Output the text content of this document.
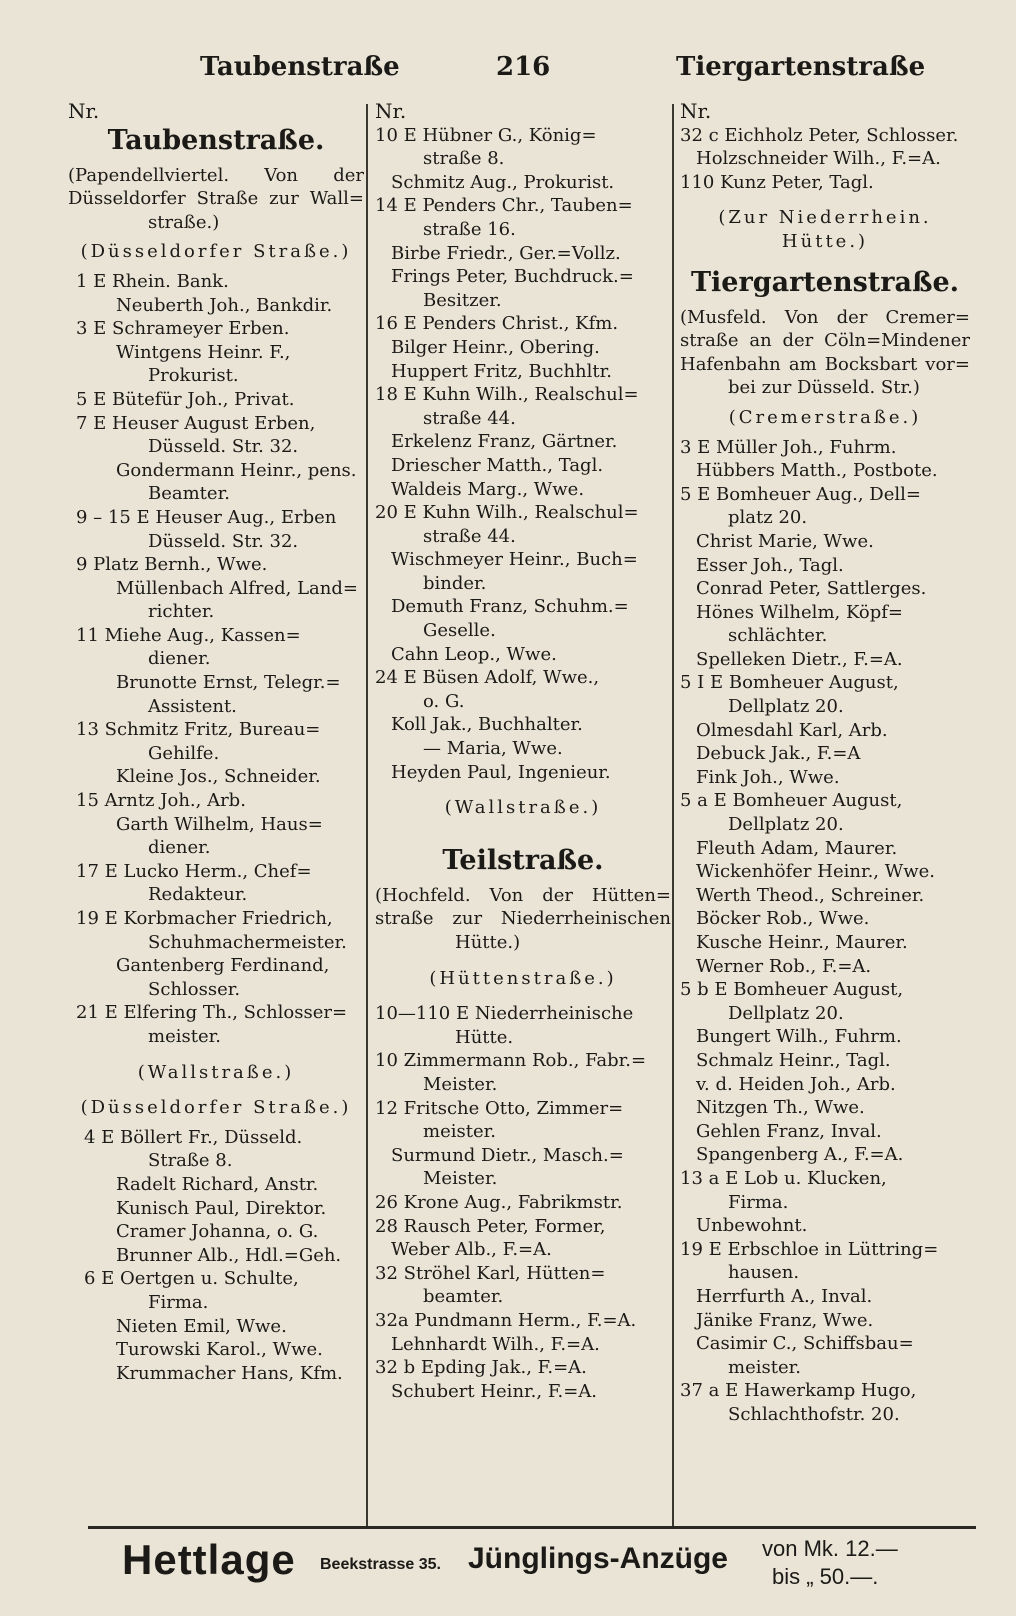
Taubenstraße	216	Tiergartenstraße
Nr.
Taubenstraße.
(Papendellviertel. Von der
Düsseldorfer Straße zur Wall=
straße.)
(Düsseldorfer Straße.)
1 E Rhein. Bank.
Neuberth Joh., Bankdir.
3 E Schrameyer Erben.
Wintgens Heinr. F.,
Prokurist.
5 E Bütefür Joh., Privat.
7 E Heuser August Erben,
Düsseld. Str. 32.
Gondermann Heinr., pens.
Beamter.
9 – 15 E Heuser Aug., Erben
Düsseld. Str. 32.
9 Platz Bernh., Wwe.
Müllenbach Alfred, Land=
richter.
11 Miehe Aug., Kassen=
diener.
Brunotte Ernst, Telegr.=
Assistent.
13 Schmitz Fritz, Bureau=
Gehilfe.
Kleine Jos., Schneider.
15 Arntz Joh., Arb.
Garth Wilhelm, Haus=
diener.
17 E Lucko Herm., Chef=
Redakteur.
19 E Korbmacher Friedrich,
Schuhmachermeister.
Gantenberg Ferdinand,
Schlosser.
21 E Elfering Th., Schlosser=
meister.
(Wallstraße.)
(Düsseldorfer Straße.)
4 E Böllert Fr., Düsseld.
Straße 8.
Radelt Richard, Anstr.
Kunisch Paul, Direktor.
Cramer Johanna, o. G.
Brunner Alb., Hdl.=Geh.
6 E Oertgen u. Schulte,
Firma.
Nieten Emil, Wwe.
Turowski Karol., Wwe.
Krummacher Hans, Kfm.
Nr.
10 E Hübner G., König=
straße 8.
Schmitz Aug., Prokurist.
14 E Penders Chr., Tauben=
straße 16.
Birbe Friedr., Ger.=Vollz.
Frings Peter, Buchdruck.=
Besitzer.
16 E Penders Christ., Kfm.
Bilger Heinr., Obering.
Huppert Fritz, Buchhltr.
18 E Kuhn Wilh., Realschul=
straße 44.
Erkelenz Franz, Gärtner.
Driescher Matth., Tagl.
Waldeis Marg., Wwe.
20 E Kuhn Wilh., Realschul=
straße 44.
Wischmeyer Heinr., Buch=
binder.
Demuth Franz, Schuhm.=
Geselle.
Cahn Leop., Wwe.
24 E Büsen Adolf, Wwe.,
o. G.
Koll Jak., Buchhalter.
— Maria, Wwe.
Heyden Paul, Ingenieur.
(Wallstraße.)
Teilstraße.
(Hochfeld. Von der Hütten=
straße zur Niederrheinischen
Hütte.)
(Hüttenstraße.)
10—110 E Niederrheinische
Hütte.
10 Zimmermann Rob., Fabr.=
Meister.
12 Fritsche Otto, Zimmer=
meister.
Surmund Dietr., Masch.=
Meister.
26 Krone Aug., Fabrikmstr.
28 Rausch Peter, Former,
Weber Alb., F.=A.
32 Ströhel Karl, Hütten=
beamter.
32a Pundmann Herm., F.=A.
Lehnhardt Wilh., F.=A.
32 b Epding Jak., F.=A.
Schubert Heinr., F.=A.
Nr.
32 c Eichholz Peter, Schlosser.
Holzschneider Wilh., F.=A.
110 Kunz Peter, Tagl.
(Zur Niederrhein.
Hütte.)
Tiergartenstraße.
(Musfeld. Von der Cremer=
straße an der Cöln=Mindener
Hafenbahn am Bocksbart vor=
bei zur Düsseld. Str.)
(Cremerstraße.)
3 E Müller Joh., Fuhrm.
Hübbers Matth., Postbote.
5 E Bomheuer Aug., Dell=
platz 20.
Christ Marie, Wwe.
Esser Joh., Tagl.
Conrad Peter, Sattlerges.
Hönes Wilhelm, Köpf=
schlächter.
Spelleken Dietr., F.=A.
5 I E Bomheuer August,
Dellplatz 20.
Olmesdahl Karl, Arb.
Debuck Jak., F.=A
Fink Joh., Wwe.
5 a E Bomheuer August,
Dellplatz 20.
Fleuth Adam, Maurer.
Wickenhöfer Heinr., Wwe.
Werth Theod., Schreiner.
Böcker Rob., Wwe.
Kusche Heinr., Maurer.
Werner Rob., F.=A.
5 b E Bomheuer August,
Dellplatz 20.
Bungert Wilh., Fuhrm.
Schmalz Heinr., Tagl.
v. d. Heiden Joh., Arb.
Nitzgen Th., Wwe.
Gehlen Franz, Inval.
Spangenberg A., F.=A.
13 a E Lob u. Klucken,
Firma.
Unbewohnt.
19 E Erbschloe in Lüttring=
hausen.
Herrfurth A., Inval.
Jänike Franz, Wwe.
Casimir C., Schiffsbau=
meister.
37 a E Hawerkamp Hugo,
Schlachthofstr. 20.
Hettlage Beekstrasse 35. Jünglings-Anzüge von Mk. 12.—
bis „ 50.—.
